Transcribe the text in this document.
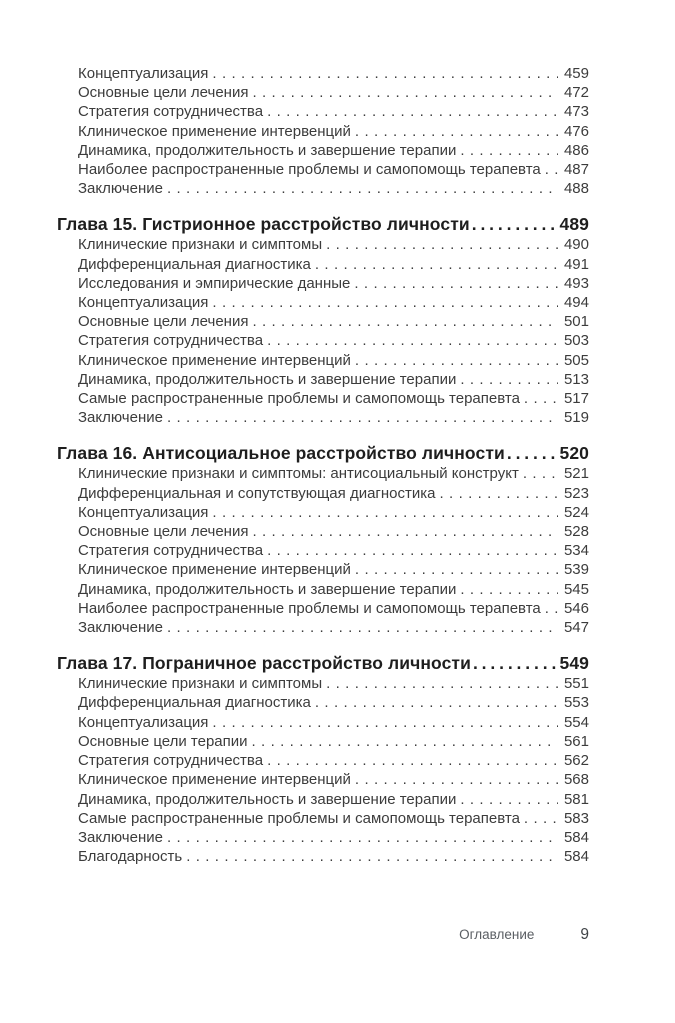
Концептуализация . . .	459
Основные цели лечения . . .	472
Стратегия сотрудничества . . .	473
Клиническое применение интервенций . . .	476
Динамика, продолжительность и завершение терапии . . .	486
Наиболее распространенные проблемы и самопомощь терапевта . . .	487
Заключение . . .	488
Глава 15. Гистрионное расстройство личности . . .	489
Клинические признаки и симптомы . . .	490
Дифференциальная диагностика . . .	491
Исследования и эмпирические данные . . .	493
Концептуализация . . .	494
Основные цели лечения . . .	501
Стратегия сотрудничества . . .	503
Клиническое применение интервенций . . .	505
Динамика, продолжительность и завершение терапии . . .	513
Самые распространенные проблемы и самопомощь терапевта . . .	517
Заключение . . .	519
Глава 16. Антисоциальное расстройство личности . . .	520
Клинические признаки и симптомы: антисоциальный конструкт . . .	521
Дифференциальная и сопутствующая диагностика . . .	523
Концептуализация . . .	524
Основные цели лечения . . .	528
Стратегия сотрудничества . . .	534
Клиническое применение интервенций . . .	539
Динамика, продолжительность и завершение терапии . . .	545
Наиболее распространенные проблемы и самопомощь терапевта . . .	546
Заключение . . .	547
Глава 17. Пограничное расстройство личности . . .	549
Клинические признаки и симптомы . . .	551
Дифференциальная диагностика . . .	553
Концептуализация . . .	554
Основные цели терапии . . .	561
Стратегия сотрудничества . . .	562
Клиническое применение интервенций . . .	568
Динамика, продолжительность и завершение терапии . . .	581
Самые распространенные проблемы и самопомощь терапевта . . .	583
Заключение . . .	584
Благодарность . . .	584
Оглавление	9
